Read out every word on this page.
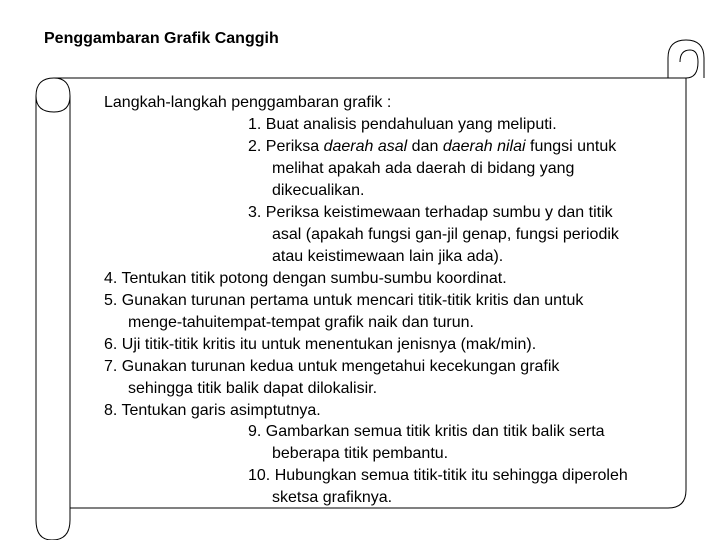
Penggambaran Grafik Canggih
Langkah-langkah penggambaran grafik :
1. Buat analisis pendahuluan yang meliputi.
2. Periksa daerah asal dan daerah nilai fungsi untuk
melihat apakah ada daerah di bidang yang
dikecualikan.
3. Periksa keistimewaan terhadap sumbu y dan titik
asal (apakah fungsi gan-jil genap, fungsi periodik
atau keistimewaan lain jika ada).
4. Tentukan titik potong dengan sumbu-sumbu koordinat.
5. Gunakan turunan pertama untuk mencari titik-titik kritis dan untuk
menge-tahuitempat-tempat grafik naik dan turun.
6. Uji titik-titik kritis itu untuk menentukan jenisnya (mak/min).
7. Gunakan turunan kedua untuk mengetahui kecekungan grafik
sehingga titik balik dapat dilokalisir.
8. Tentukan garis asimptutnya.
9. Gambarkan semua titik kritis dan titik balik serta
beberapa titik pembantu.
10. Hubungkan semua titik-titik itu sehingga diperoleh
sketsa grafiknya.
